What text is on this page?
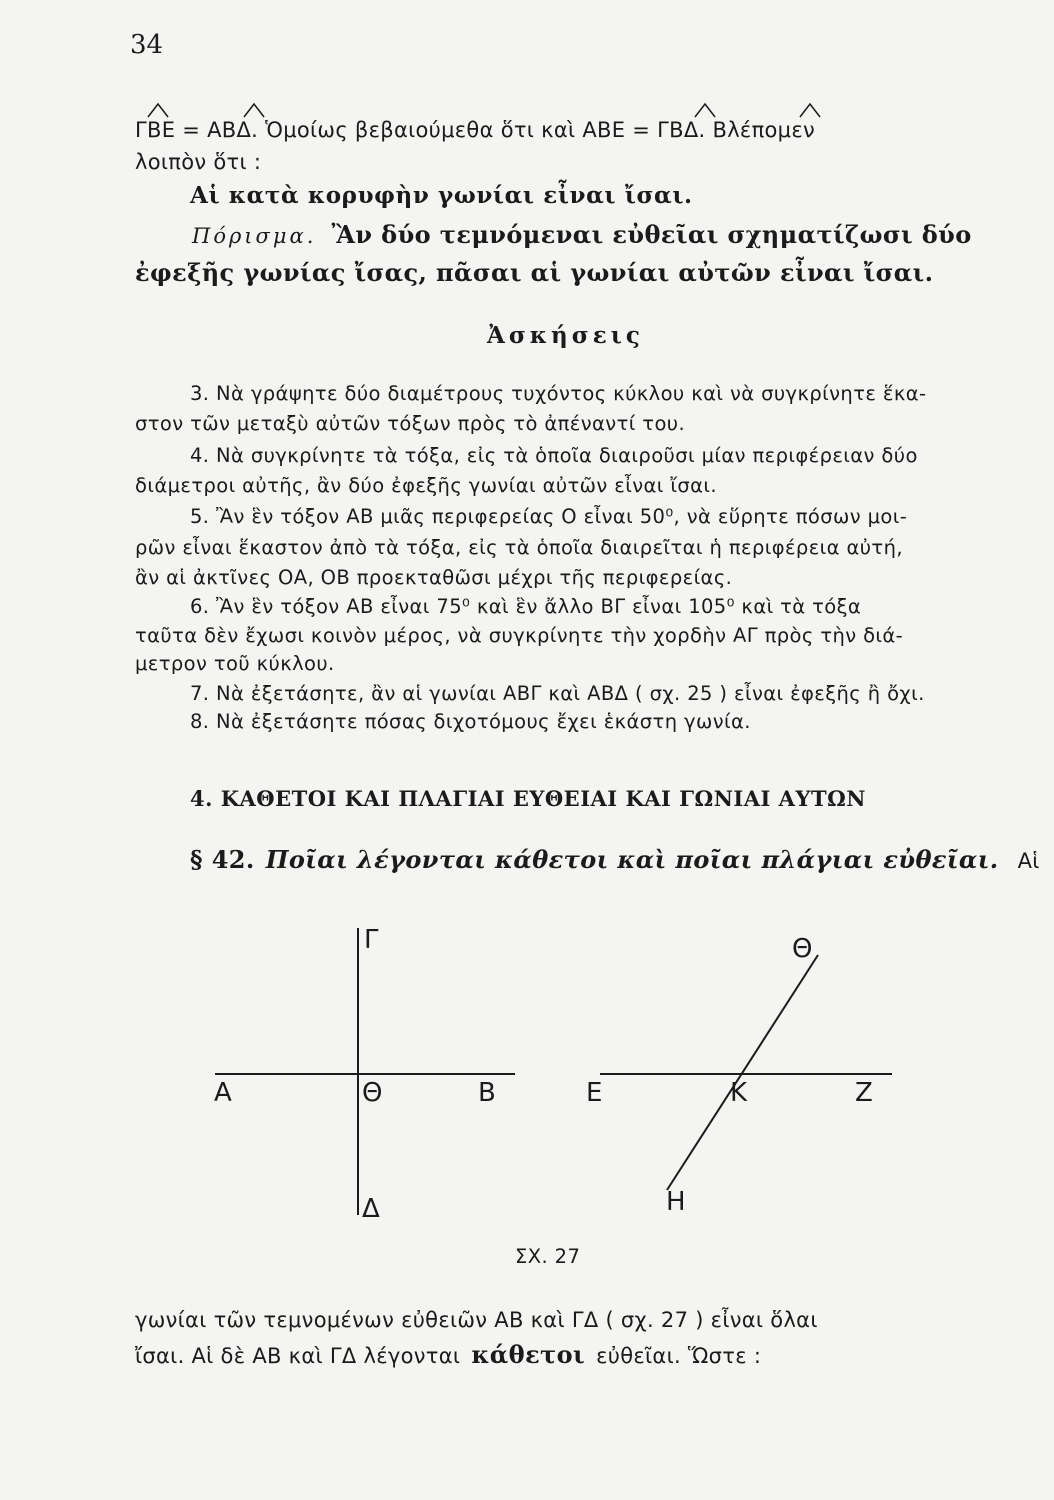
34
ΓΒΕ = ΑΒΔ. Ὁμοίως βεβαιούμεθα ὅτι καὶ ΑΒΕ = ΓΒΔ. Βλέπομεν
λοιπὸν ὅτι :
Αἱ κατὰ κορυφὴν γωνίαι εἶναι ἴσαι.
Πόρισμα. Ἂν δύο τεμνόμεναι εὐθεῖαι σχηματίζωσι δύο
ἐφεξῆς γωνίας ἴσας, πᾶσαι αἱ γωνίαι αὐτῶν εἶναι ἴσαι.
Ἀσκήσεις
3. Νὰ γράψητε δύο διαμέτρους τυχόντος κύκλου καὶ νὰ συγκρίνητε ἕκα-
στον τῶν μεταξὺ αὐτῶν τόξων πρὸς τὸ ἀπέναντί του.
4. Νὰ συγκρίνητε τὰ τόξα, εἰς τὰ ὁποῖα διαιροῦσι μίαν περιφέρειαν δύο
διάμετροι αὐτῆς, ἂν δύο ἐφεξῆς γωνίαι αὐτῶν εἶναι ἴσαι.
5. Ἂν ἓν τόξον ΑΒ μιᾶς περιφερείας Ο εἶναι 50⁰, νὰ εὕρητε πόσων μοι-
ρῶν εἶναι ἕκαστον ἀπὸ τὰ τόξα, εἰς τὰ ὁποῖα διαιρεῖται ἡ περιφέρεια αὐτή,
ἂν αἱ ἀκτῖνες ΟΑ, ΟΒ προεκταθῶσι μέχρι τῆς περιφερείας.
6. Ἂν ἓν τόξον ΑΒ εἶναι 75⁰ καὶ ἓν ἄλλο ΒΓ εἶναι 105⁰ καὶ τὰ τόξα
ταῦτα δὲν ἔχωσι κοινὸν μέρος, νὰ συγκρίνητε τὴν χορδὴν ΑΓ πρὸς τὴν διά-
μετρον τοῦ κύκλου.
7. Νὰ ἐξετάσητε, ἂν αἱ γωνίαι ΑΒΓ καὶ ΑΒΔ ( σχ. 25 ) εἶναι ἐφεξῆς ἢ ὄχι.
8. Νὰ ἐξετάσητε πόσας διχοτόμους ἔχει ἑκάστη γωνία.
4. ΚΑΘΕΤΟΙ ΚΑΙ ΠΛΑΓΙΑΙ ΕΥΘΕΙΑΙ ΚΑΙ ΓΩΝΙΑΙ ΑΥΤΩΝ
§ 42. Ποῖαι λέγονται κάθετοι καὶ ποῖαι πλάγιαι εὐθεῖαι. Αἱ
Γ
Α	Θ	Β
Δ
Ε	Κ	Ζ
Θ
Η
ΣΧ. 27
γωνίαι τῶν τεμνομένων εὐθειῶν ΑΒ καὶ ΓΔ ( σχ. 27 ) εἶναι ὅλαι
ἴσαι. Αἱ δὲ ΑΒ καὶ ΓΔ λέγονται κάθετοι εὐθεῖαι. Ὥστε :
